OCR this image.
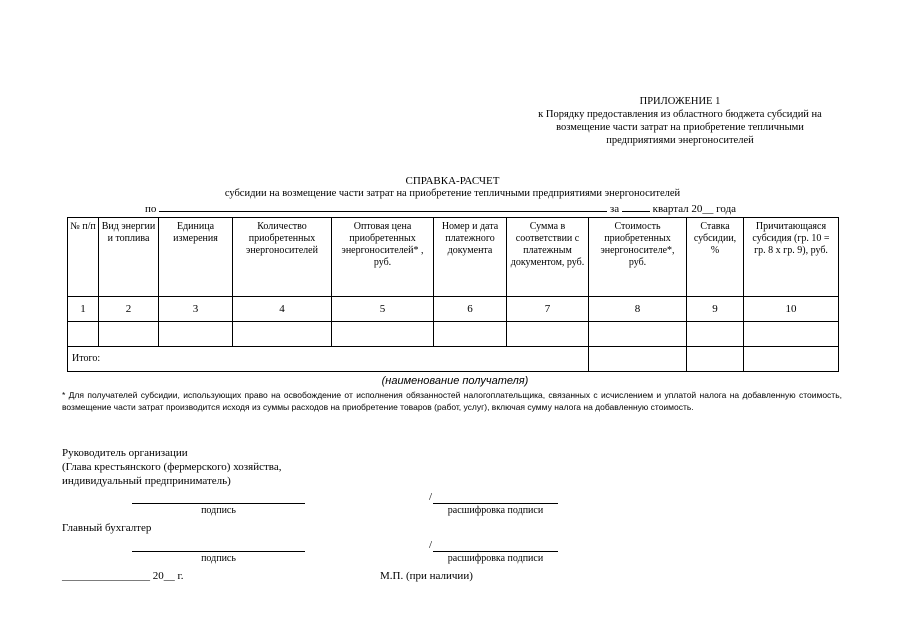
ПРИЛОЖЕНИЕ 1
к Порядку предоставления из областного бюджета субсидий на
возмещение части затрат на приобретение тепличными
предприятиями энергоносителей
СПРАВКА-РАСЧЕТ
субсидии на возмещение части затрат на приобретение тепличными предприятиями энергоносителей
по	за	квартал 20__ года
№ п/п	Вид энергии и топлива	Единица измерения	Количество приобретенных энергоносителей	Оптовая цена приобретенных энергоносителей* , руб.	Номер и дата платежного документа	Сумма в соответствии с платежным документом, руб.	Стоимость приобретенных энергоносителе*, руб.	Ставка субсидии, %	Причитающаяся субсидия (гр. 10 = гр. 8 х гр. 9), руб.
1	2	3	4	5	6	7	8	9	10

Итого:									
(наименование получателя)
* Для получателей субсидии, использующих право на освобождение от исполнения обязанностей налогоплательщика, связанных с исчислением и уплатой налога на добавленную стоимость, возмещение части затрат производится исходя из суммы расходов на приобретение товаров (работ, услуг), включая сумму налога на добавленную стоимость.
Руководитель организации
(Глава крестьянского (фермерского) хозяйства,
индивидуальный предприниматель)
подпись
/
расшифровка подписи
Главный бухгалтер
подпись
/
расшифровка подписи
________________ 20__ г.	М.П. (при наличии)
